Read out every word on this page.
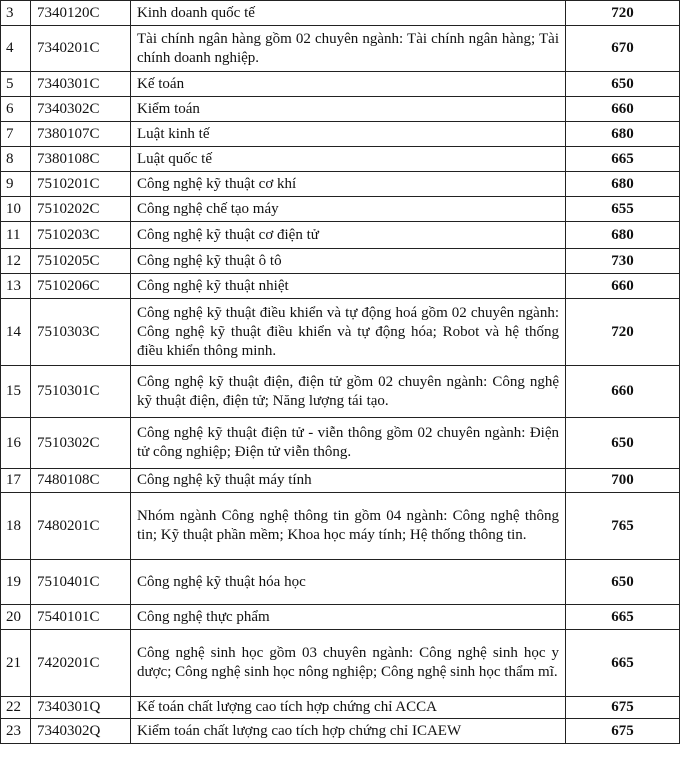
3	7340120C	Kinh doanh quốc tế	720
4	7340201C	Tài chính ngân hàng gồm 02 chuyên ngành: Tài chính ngân hàng; Tài chính doanh nghiệp.	670
5	7340301C	Kế toán	650
6	7340302C	Kiểm toán	660
7	7380107C	Luật kinh tế	680
8	7380108C	Luật quốc tế	665
9	7510201C	Công nghệ kỹ thuật cơ khí	680
10	7510202C	Công nghệ chế tạo máy	655
11	7510203C	Công nghệ kỹ thuật cơ điện tử	680
12	7510205C	Công nghệ kỹ thuật ô tô	730
13	7510206C	Công nghệ kỹ thuật nhiệt	660
14	7510303C	Công nghệ kỹ thuật điều khiển và tự động hoá gồm 02 chuyên ngành: Công nghệ kỹ thuật điều khiển và tự động hóa; Robot và hệ thống điều khiển thông minh.	720
15	7510301C	Công nghệ kỹ thuật điện, điện tử gồm 02 chuyên ngành: Công nghệ kỹ thuật điện, điện tử; Năng lượng tái tạo.	660
16	7510302C	Công nghệ kỹ thuật điện tử - viễn thông gồm 02 chuyên ngành: Điện tử công nghiệp; Điện tử viễn thông.	650
17	7480108C	Công nghệ kỹ thuật máy tính	700
18	7480201C	Nhóm ngành Công nghệ thông tin gồm 04 ngành: Công nghệ thông tin; Kỹ thuật phần mềm; Khoa học máy tính; Hệ thống thông tin.	765
19	7510401C	Công nghệ kỹ thuật hóa học	650
20	7540101C	Công nghệ thực phẩm	665
21	7420201C	Công nghệ sinh học gồm 03 chuyên ngành: Công nghệ sinh học y dược; Công nghệ sinh học nông nghiệp; Công nghệ sinh học thẩm mĩ.	665
22	7340301Q	Kế toán chất lượng cao tích hợp chứng chỉ ACCA	675
23	7340302Q	Kiểm toán chất lượng cao tích hợp chứng chỉ ICAEW	675
